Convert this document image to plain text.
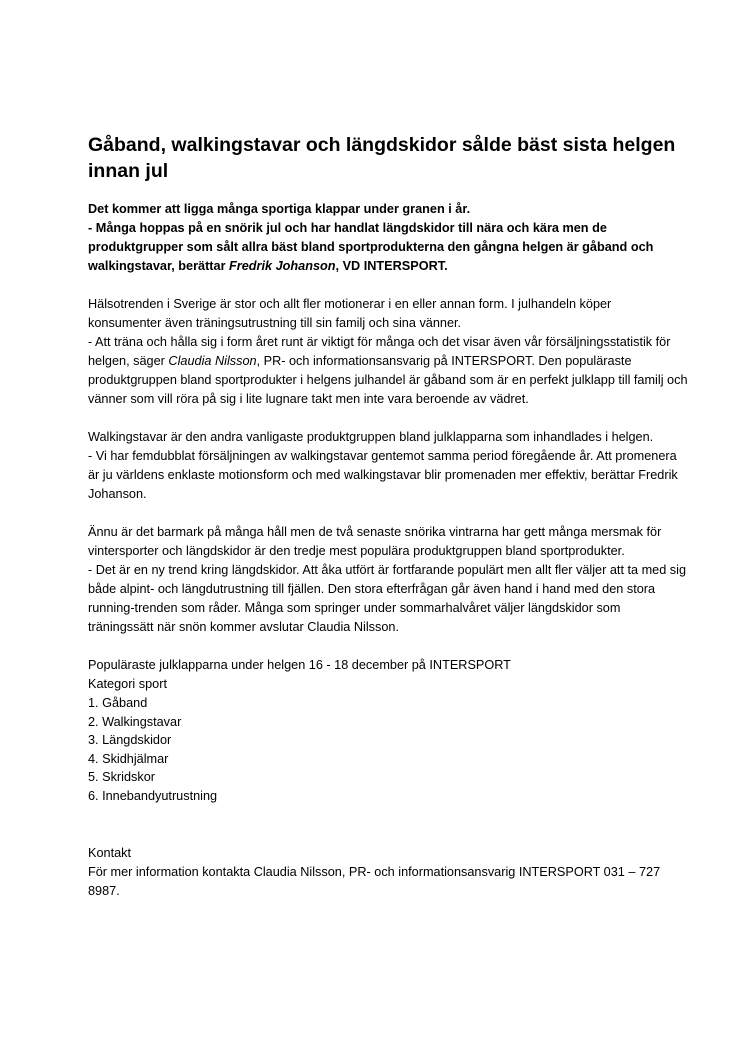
Gåband, walkingstavar och längdskidor sålde bäst sista helgen innan jul
Det kommer att ligga många sportiga klappar under granen i år.
- Många hoppas på en snörik jul och har handlat längdskidor till nära och kära men de produktgrupper som sålt allra bäst bland sportprodukterna den gångna helgen är gåband och walkingstavar, berättar Fredrik Johanson, VD INTERSPORT.

Hälsotrenden i Sverige är stor och allt fler motionerar i en eller annan form. I julhandeln köper konsumenter även träningsutrustning till sin familj och sina vänner.
- Att träna och hålla sig i form året runt är viktigt för många och det visar även vår försäljningsstatistik för helgen, säger Claudia Nilsson, PR- och informationsansvarig på INTERSPORT. Den populäraste produktgruppen bland sportprodukter i helgens julhandel är gåband som är en perfekt julklapp till familj och vänner som vill röra på sig i lite lugnare takt men inte vara beroende av vädret.

Walkingstavar är den andra vanligaste produktgruppen bland julklapparna som inhandlades i helgen.
- Vi har femdubblat försäljningen av walkingstavar gentemot samma period föregående år. Att promenera är ju världens enklaste motionsform och med walkingstavar blir promenaden mer effektiv, berättar Fredrik Johanson.

Ännu är det barmark på många håll men de två senaste snörika vintrarna har gett många mersmak för vintersporter och längdskidor är den tredje mest populära produktgruppen bland sportprodukter.
- Det är en ny trend kring längdskidor. Att åka utfört är fortfarande populärt men allt fler väljer att ta med sig både alpint- och längdutrustning till fjällen. Den stora efterfrågan går även hand i hand med den stora running-trenden som råder. Många som springer under sommarhalvåret väljer längdskidor som träningssätt när snön kommer avslutar Claudia Nilsson.

Populäraste julklapparna under helgen 16 - 18 december på INTERSPORT

Kategori sport

1. Gåband
2. Walkingstavar
3. Längdskidor
4. Skidhjälmar
5. Skridskor
6. Innebandyutrustning

Kontakt

För mer information kontakta Claudia Nilsson, PR- och informationsansvarig INTERSPORT 031 – 727 8987.
